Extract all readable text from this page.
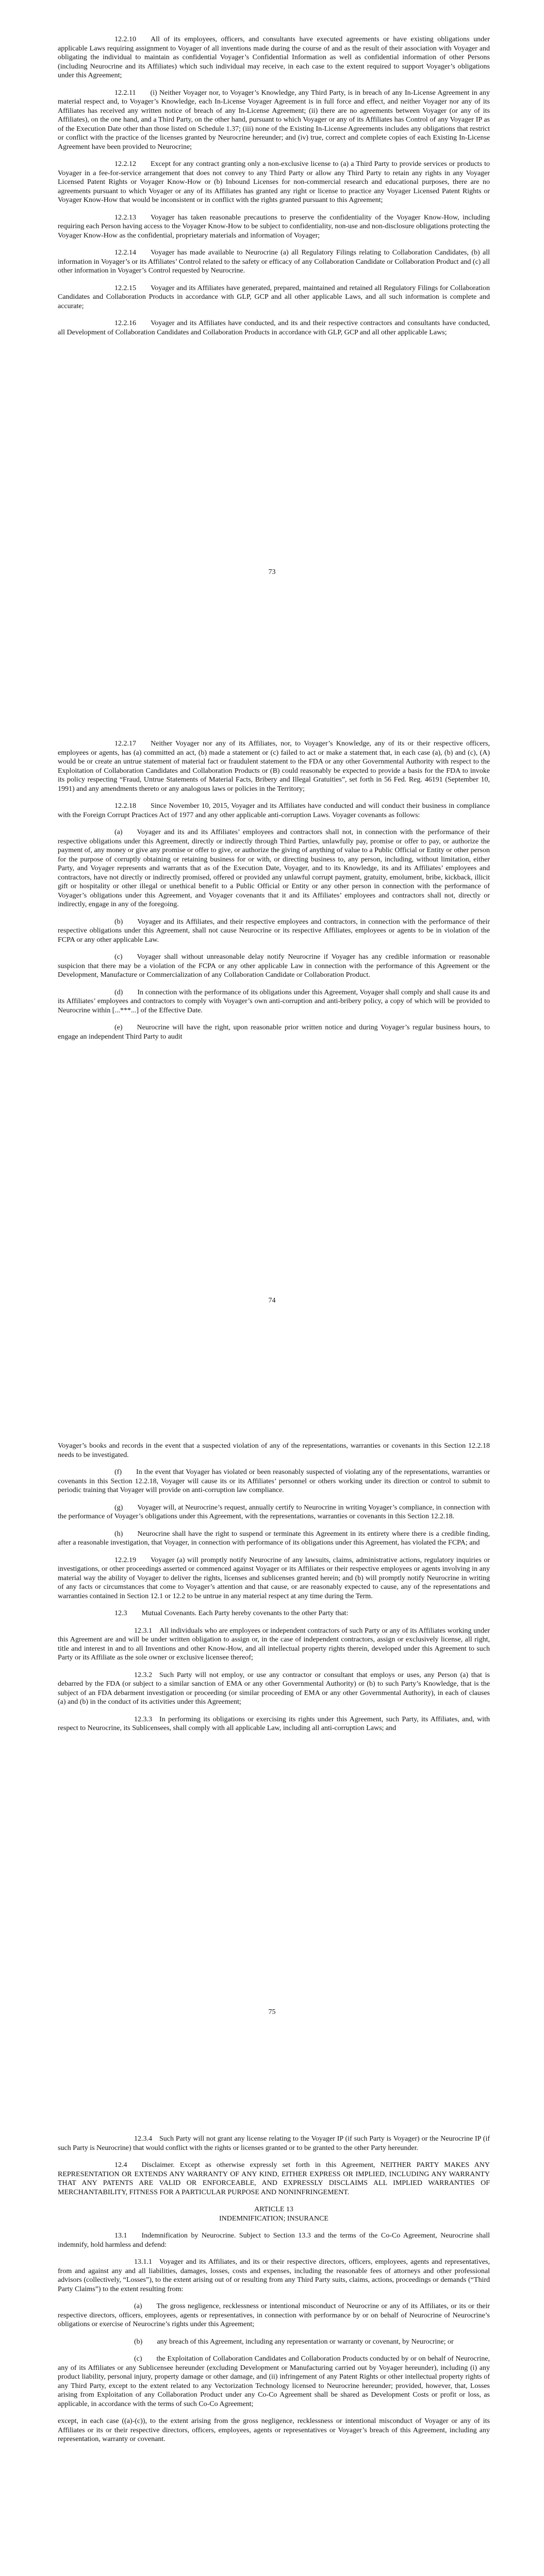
12.2.10  All of its employees, officers, and consultants have executed agreements or have existing obligations under applicable Laws requiring assignment to Voyager of all inventions made during the course of and as the result of their association with Voyager and obligating the individual to maintain as confidential Voyager’s Confidential Information as well as confidential information of other Persons (including Neurocrine and its Affiliates) which such individual may receive, in each case to the extent required to support Voyager’s obligations under this Agreement;

12.2.11  (i) Neither Voyager nor, to Voyager’s Knowledge, any Third Party, is in breach of any In-License Agreement in any material respect and, to Voyager’s Knowledge, each In-License Voyager Agreement is in full force and effect, and neither Voyager nor any of its Affiliates has received any written notice of breach of any In-License Agreement; (ii) there are no agreements between Voyager (or any of its Affiliates), on the one hand, and a Third Party, on the other hand, pursuant to which Voyager or any of its Affiliates has Control of any Voyager IP as of the Execution Date other than those listed on Schedule 1.37; (iii) none of the Existing In-License Agreements includes any obligations that restrict or conflict with the practice of the licenses granted by Neurocrine hereunder; and (iv) true, correct and complete copies of each Existing In-License Agreement have been provided to Neurocrine;

12.2.12  Except for any contract granting only a non-exclusive license to (a) a Third Party to provide services or products to Voyager in a fee-for-service arrangement that does not convey to any Third Party or allow any Third Party to retain any rights in any Voyager Licensed Patent Rights or Voyager Know-How or (b) Inbound Licenses for non-commercial research and educational purposes, there are no agreements pursuant to which Voyager or any of its Affiliates has granted any right or license to practice any Voyager Licensed Patent Rights or Voyager Know-How that would be inconsistent or in conflict with the rights granted pursuant to this Agreement;

12.2.13  Voyager has taken reasonable precautions to preserve the confidentiality of the Voyager Know-How, including requiring each Person having access to the Voyager Know-How to be subject to confidentiality, non-use and non-disclosure obligations protecting the Voyager Know-How as the confidential, proprietary materials and information of Voyager;

12.2.14  Voyager has made available to Neurocrine (a) all Regulatory Filings relating to Collaboration Candidates, (b) all information in Voyager’s or its Affiliates’ Control related to the safety or efficacy of any Collaboration Candidate or Collaboration Product and (c) all other information in Voyager’s Control requested by Neurocrine.

12.2.15  Voyager and its Affiliates have generated, prepared, maintained and retained all Regulatory Filings for Collaboration Candidates and Collaboration Products in accordance with GLP, GCP and all other applicable Laws, and all such information is complete and accurate;

12.2.16  Voyager and its Affiliates have conducted, and its and their respective contractors and consultants have conducted, all Development of Collaboration Candidates and Collaboration Products in accordance with GLP, GCP and all other applicable Laws;

73

12.2.17  Neither Voyager nor any of its Affiliates, nor, to Voyager’s Knowledge, any of its or their respective officers, employees or agents, has (a) committed an act, (b) made a statement or (c) failed to act or make a statement that, in each case (a), (b) and (c), (A) would be or create an untrue statement of material fact or fraudulent statement to the FDA or any other Governmental Authority with respect to the Exploitation of Collaboration Candidates and Collaboration Products or (B) could reasonably be expected to provide a basis for the FDA to invoke its policy respecting “Fraud, Untrue Statements of Material Facts, Bribery and Illegal Gratuities”, set forth in 56 Fed. Reg. 46191 (September 10, 1991) and any amendments thereto or any analogous laws or policies in the Territory;

12.2.18  Since November 10, 2015, Voyager and its Affiliates have conducted and will conduct their business in compliance with the Foreign Corrupt Practices Act of 1977 and any other applicable anti-corruption Laws. Voyager covenants as follows:

(a)  Voyager and its and its Affiliates’ employees and contractors shall not, in connection with the performance of their respective obligations under this Agreement, directly or indirectly through Third Parties, unlawfully pay, promise or offer to pay, or authorize the payment of, any money or give any promise or offer to give, or authorize the giving of anything of value to a Public Official or Entity or other person for the purpose of corruptly obtaining or retaining business for or with, or directing business to, any person, including, without limitation, either Party, and Voyager represents and warrants that as of the Execution Date, Voyager, and to its Knowledge, its and its Affiliates’ employees and contractors, have not directly or indirectly promised, offered or provided any unlawful corrupt payment, gratuity, emolument, bribe, kickback, illicit gift or hospitality or other illegal or unethical benefit to a Public Official or Entity or any other person in connection with the performance of Voyager’s obligations under this Agreement, and Voyager covenants that it and its Affiliates’ employees and contractors shall not, directly or indirectly, engage in any of the foregoing.

(b)  Voyager and its Affiliates, and their respective employees and contractors, in connection with the performance of their respective obligations under this Agreement, shall not cause Neurocrine or its respective Affiliates, employees or agents to be in violation of the FCPA or any other applicable Law.

(c)  Voyager shall without unreasonable delay notify Neurocrine if Voyager has any credible information or reasonable suspicion that there may be a violation of the FCPA or any other applicable Law in connection with the performance of this Agreement or the Development, Manufacture or Commercialization of any Collaboration Candidate or Collaboration Product.

(d)  In connection with the performance of its obligations under this Agreement, Voyager shall comply and shall cause its and its Affiliates’ employees and contractors to comply with Voyager’s own anti-corruption and anti-bribery policy, a copy of which will be provided to Neurocrine within [...***...] of the Effective Date.

(e)  Neurocrine will have the right, upon reasonable prior written notice and during Voyager’s regular business hours, to engage an independent Third Party to audit

74

Voyager’s books and records in the event that a suspected violation of any of the representations, warranties or covenants in this Section 12.2.18 needs to be investigated.

(f)  In the event that Voyager has violated or been reasonably suspected of violating any of the representations, warranties or covenants in this Section 12.2.18, Voyager will cause its or its Affiliates’ personnel or others working under its direction or control to submit to periodic training that Voyager will provide on anti-corruption law compliance.

(g)  Voyager will, at Neurocrine’s request, annually certify to Neurocrine in writing Voyager’s compliance, in connection with the performance of Voyager’s obligations under this Agreement, with the representations, warranties or covenants in this Section 12.2.18.

(h)  Neurocrine shall have the right to suspend or terminate this Agreement in its entirety where there is a credible finding, after a reasonable investigation, that Voyager, in connection with performance of its obligations under this Agreement, has violated the FCPA; and

12.2.19  Voyager (a) will promptly notify Neurocrine of any lawsuits, claims, administrative actions, regulatory inquiries or investigations, or other proceedings asserted or commenced against Voyager or its Affiliates or their respective employees or agents involving in any material way the ability of Voyager to deliver the rights, licenses and sublicenses granted herein; and (b) will promptly notify Neurocrine in writing of any facts or circumstances that come to Voyager’s attention and that cause, or are reasonably expected to cause, any of the representations and warranties contained in Section 12.1 or 12.2 to be untrue in any material respect at any time during the Term.

12.3  Mutual Covenants. Each Party hereby covenants to the other Party that:

12.3.1 All individuals who are employees or independent contractors of such Party or any of its Affiliates working under this Agreement are and will be under written obligation to assign or, in the case of independent contractors, assign or exclusively license, all right, title and interest in and to all Inventions and other Know-How, and all intellectual property rights therein, developed under this Agreement to such Party or its Affiliate as the sole owner or exclusive licensee thereof;

12.3.2 Such Party will not employ, or use any contractor or consultant that employs or uses, any Person (a) that is debarred by the FDA (or subject to a similar sanction of EMA or any other Governmental Authority) or (b) to such Party’s Knowledge, that is the subject of an FDA debarment investigation or proceeding (or similar proceeding of EMA or any other Governmental Authority), in each of clauses (a) and (b) in the conduct of its activities under this Agreement;

12.3.3 In performing its obligations or exercising its rights under this Agreement, such Party, its Affiliates, and, with respect to Neurocrine, its Sublicensees, shall comply with all applicable Law, including all anti-corruption Laws; and

75

12.3.4 Such Party will not grant any license relating to the Voyager IP (if such Party is Voyager) or the Neurocrine IP (if such Party is Neurocrine) that would conflict with the rights or licenses granted or to be granted to the other Party hereunder.

12.4  Disclaimer. Except as otherwise expressly set forth in this Agreement, NEITHER PARTY MAKES ANY REPRESENTATION OR EXTENDS ANY WARRANTY OF ANY KIND, EITHER EXPRESS OR IMPLIED, INCLUDING ANY WARRANTY THAT ANY PATENTS ARE VALID OR ENFORCEABLE, AND EXPRESSLY DISCLAIMS ALL IMPLIED WARRANTIES OF MERCHANTABILITY, FITNESS FOR A PARTICULAR PURPOSE AND NONINFRINGEMENT.

ARTICLE 13
INDEMNIFICATION; INSURANCE

13.1  Indemnification by Neurocrine. Subject to Section 13.3 and the terms of the Co-Co Agreement, Neurocrine shall indemnify, hold harmless and defend:

13.1.1 Voyager and its Affiliates, and its or their respective directors, officers, employees, agents and representatives, from and against any and all liabilities, damages, losses, costs and expenses, including the reasonable fees of attorneys and other professional advisors (collectively, “Losses”), to the extent arising out of or resulting from any Third Party suits, claims, actions, proceedings or demands (“Third Party Claims”) to the extent resulting from:

(a)  The gross negligence, recklessness or intentional misconduct of Neurocrine or any of its Affiliates, or its or their respective directors, officers, employees, agents or representatives, in connection with performance by or on behalf of Neurocrine of Neurocrine’s obligations or exercise of Neurocrine’s rights under this Agreement;

(b)  any breach of this Agreement, including any representation or warranty or covenant, by Neurocrine; or

(c)  the Exploitation of Collaboration Candidates and Collaboration Products conducted by or on behalf of Neurocrine, any of its Affiliates or any Sublicensee hereunder (excluding Development or Manufacturing carried out by Voyager hereunder), including (i) any product liability, personal injury, property damage or other damage, and (ii) infringement of any Patent Rights or other intellectual property rights of any Third Party, except to the extent related to any Vectorization Technology licensed to Neurocrine hereunder; provided, however, that, Losses arising from Exploitation of any Collaboration Product under any Co-Co Agreement shall be shared as Development Costs or profit or loss, as applicable, in accordance with the terms of such Co-Co Agreement;

except, in each case ((a)-(c)), to the extent arising from the gross negligence, recklessness or intentional misconduct of Voyager or any of its Affiliates or its or their respective directors, officers, employees, agents or representatives or Voyager’s breach of this Agreement, including any representation, warranty or covenant.
